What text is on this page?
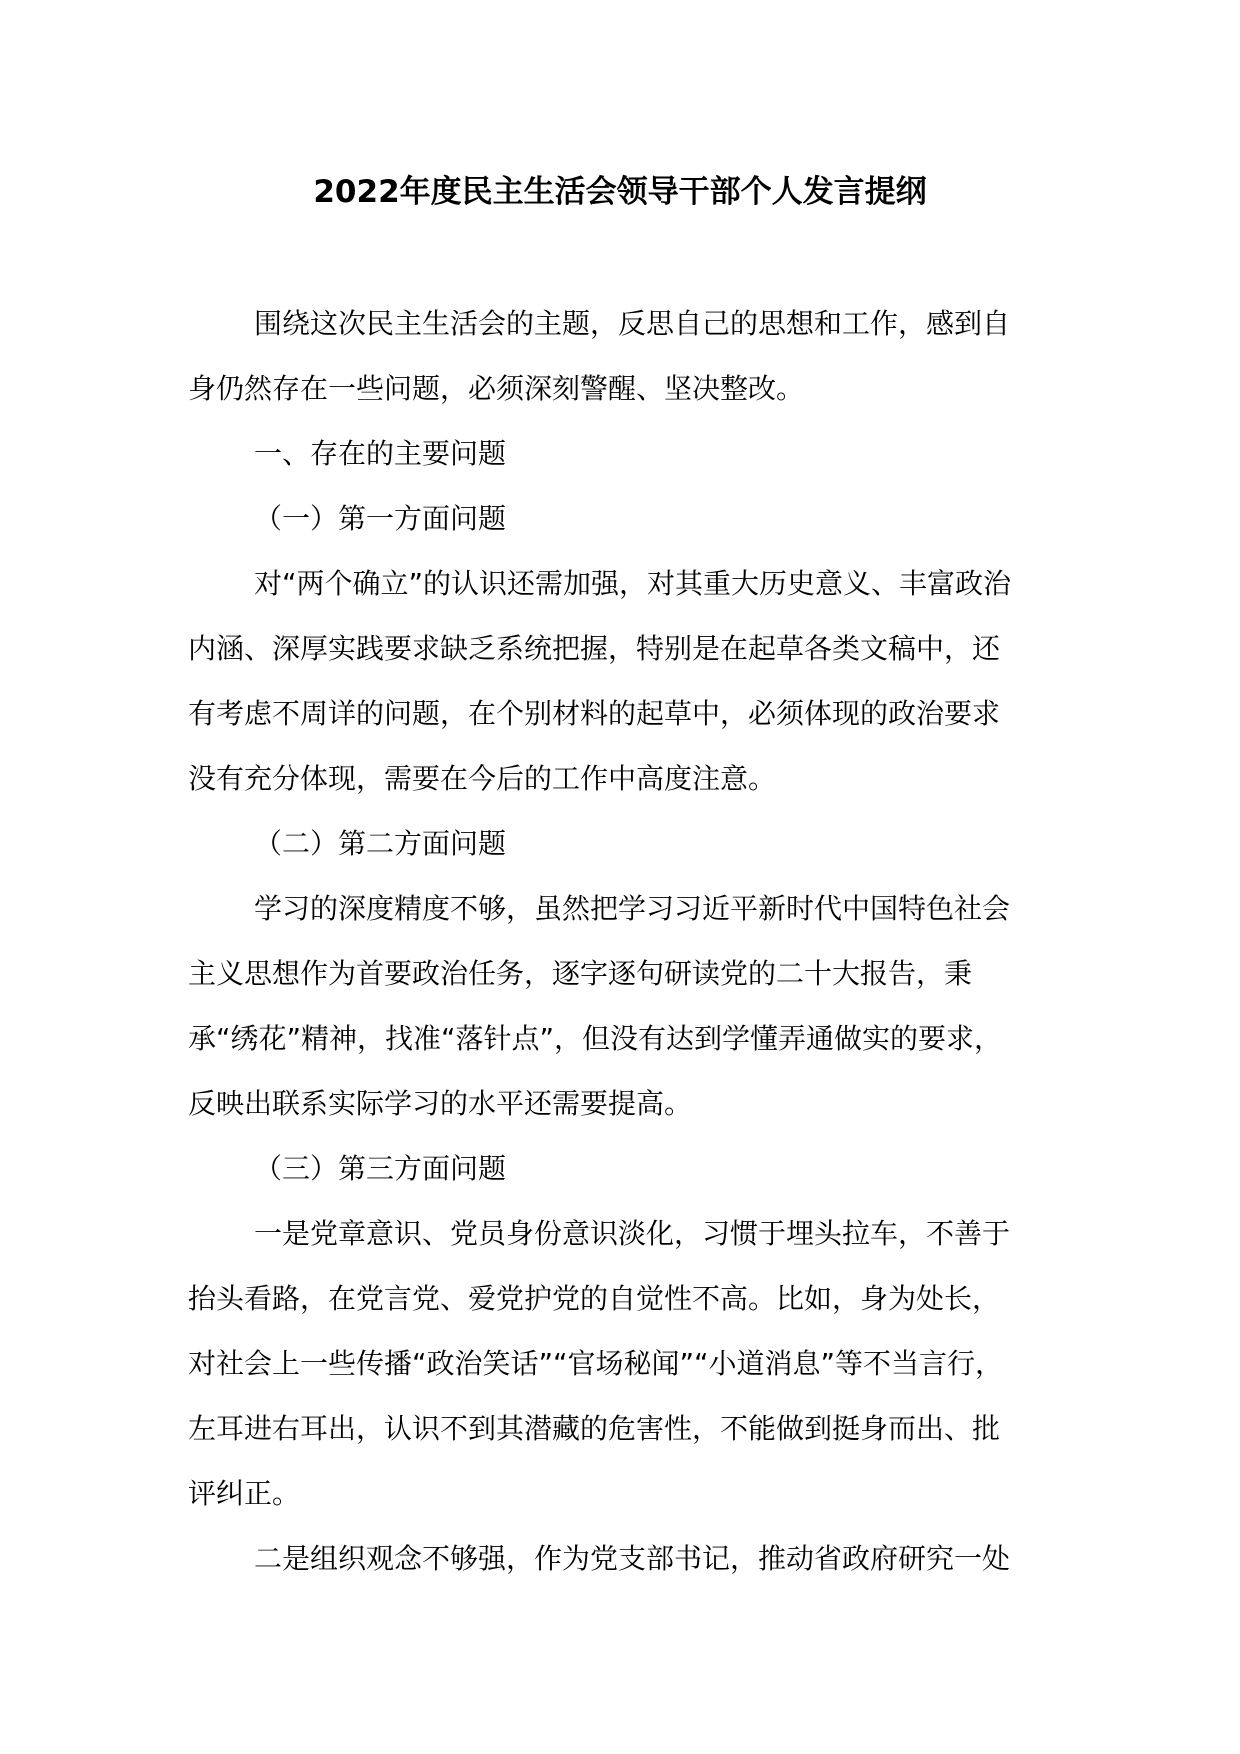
2022年度民主生活会领导干部个人发言提纲
围绕这次民主生活会的主题，反思自己的思想和工作，感到自
身仍然存在一些问题，必须深刻警醒、坚决整改。
一、存在的主要问题
（一）第一方面问题
对“两个确立”的认识还需加强，对其重大历史意义、丰富政治
内涵、深厚实践要求缺乏系统把握，特别是在起草各类文稿中，还
有考虑不周详的问题，在个别材料的起草中，必须体现的政治要求
没有充分体现，需要在今后的工作中高度注意。
（二）第二方面问题
学习的深度精度不够，虽然把学习习近平新时代中国特色社会
主义思想作为首要政治任务，逐字逐句研读党的二十大报告，秉
承“绣花”精神，找准“落针点”，但没有达到学懂弄通做实的要求，
反映出联系实际学习的水平还需要提高。
（三）第三方面问题
一是党章意识、党员身份意识淡化，习惯于埋头拉车，不善于
抬头看路，在党言党、爱党护党的自觉性不高。比如，身为处长，
对社会上一些传播“政治笑话”“官场秘闻”“小道消息”等不当言行，
左耳进右耳出，认识不到其潜藏的危害性，不能做到挺身而出、批
评纠正。
二是组织观念不够强，作为党支部书记，推动省政府研究一处
